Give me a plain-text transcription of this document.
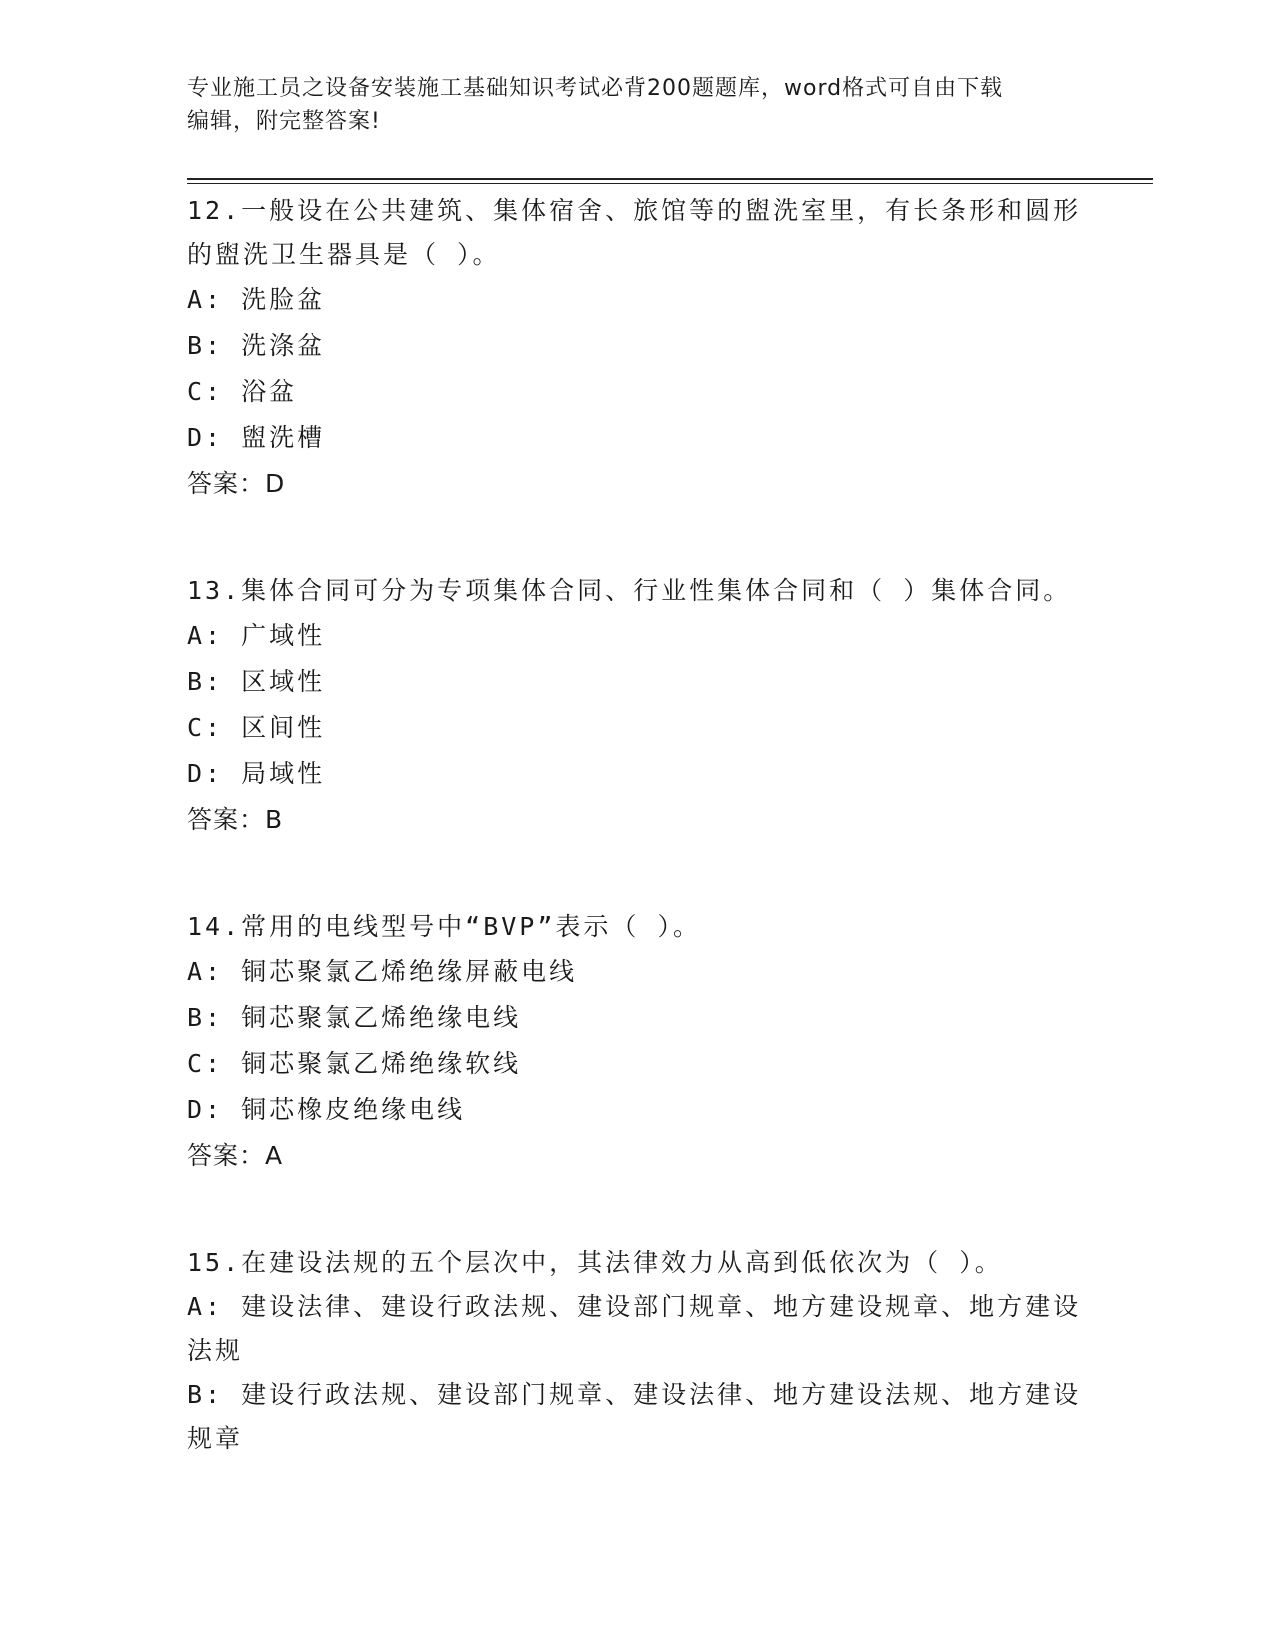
专业施工员之设备安装施工基础知识考试必背200题题库，word格式可自由下载
编辑，附完整答案!
12.一般设在公共建筑、集体宿舍、旅馆等的盥洗室里，有长条形和圆形的盥洗卫生器具是（ ）。
A: 洗脸盆
B: 洗涤盆
C: 浴盆
D: 盥洗槽
答案：D
13.集体合同可分为专项集体合同、行业性集体合同和（ ）集体合同。
A: 广域性
B: 区域性
C: 区间性
D: 局域性
答案：B
14.常用的电线型号中“BVP”表示（ ）。
A: 铜芯聚氯乙烯绝缘屏蔽电线
B: 铜芯聚氯乙烯绝缘电线
C: 铜芯聚氯乙烯绝缘软线
D: 铜芯橡皮绝缘电线
答案：A
15.在建设法规的五个层次中，其法律效力从高到低依次为（ ）。
A: 建设法律、建设行政法规、建设部门规章、地方建设规章、地方建设法规
B: 建设行政法规、建设部门规章、建设法律、地方建设法规、地方建设规章
